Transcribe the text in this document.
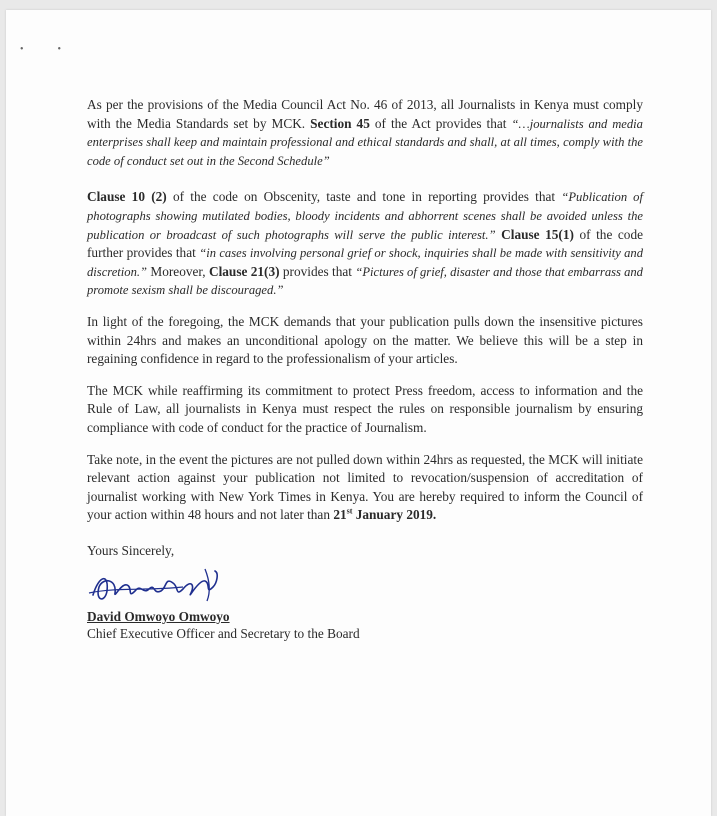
••

As per the provisions of the Media Council Act No. 46 of 2013, all Journalists in Kenya must comply with the Media Standards set by MCK. Section 45 of the Act provides that “…journalists and media enterprises shall keep and maintain professional and ethical standards and shall, at all times, comply with the code of conduct set out in the Second Schedule”

Clause 10 (2) of the code on Obscenity, taste and tone in reporting provides that “Publication of photographs showing mutilated bodies, bloody incidents and abhorrent scenes shall be avoided unless the publication or broadcast of such photographs will serve the public interest.” Clause 15(1) of the code further provides that “in cases involving personal grief or shock, inquiries shall be made with sensitivity and discretion.” Moreover, Clause 21(3) provides that “Pictures of grief, disaster and those that embarrass and promote sexism shall be discouraged.”

In light of the foregoing, the MCK demands that your publication pulls down the insensitive pictures within 24hrs and makes an unconditional apology on the matter. We believe this will be a step in regaining confidence in regard to the professionalism of your articles.

The MCK while reaffirming its commitment to protect Press freedom, access to information and the Rule of Law, all journalists in Kenya must respect the rules on responsible journalism by ensuring compliance with code of conduct for the practice of Journalism.

Take note, in the event the pictures are not pulled down within 24hrs as requested, the MCK will initiate relevant action against your publication not limited to revocation/suspension of accreditation of journalist working with New York Times in Kenya. You are hereby required to inform the Council of your action within 48 hours and not later than 21st January 2019.

Yours Sincerely,
David Omwoyo Omwoyo
Chief Executive Officer and Secretary to the Board
